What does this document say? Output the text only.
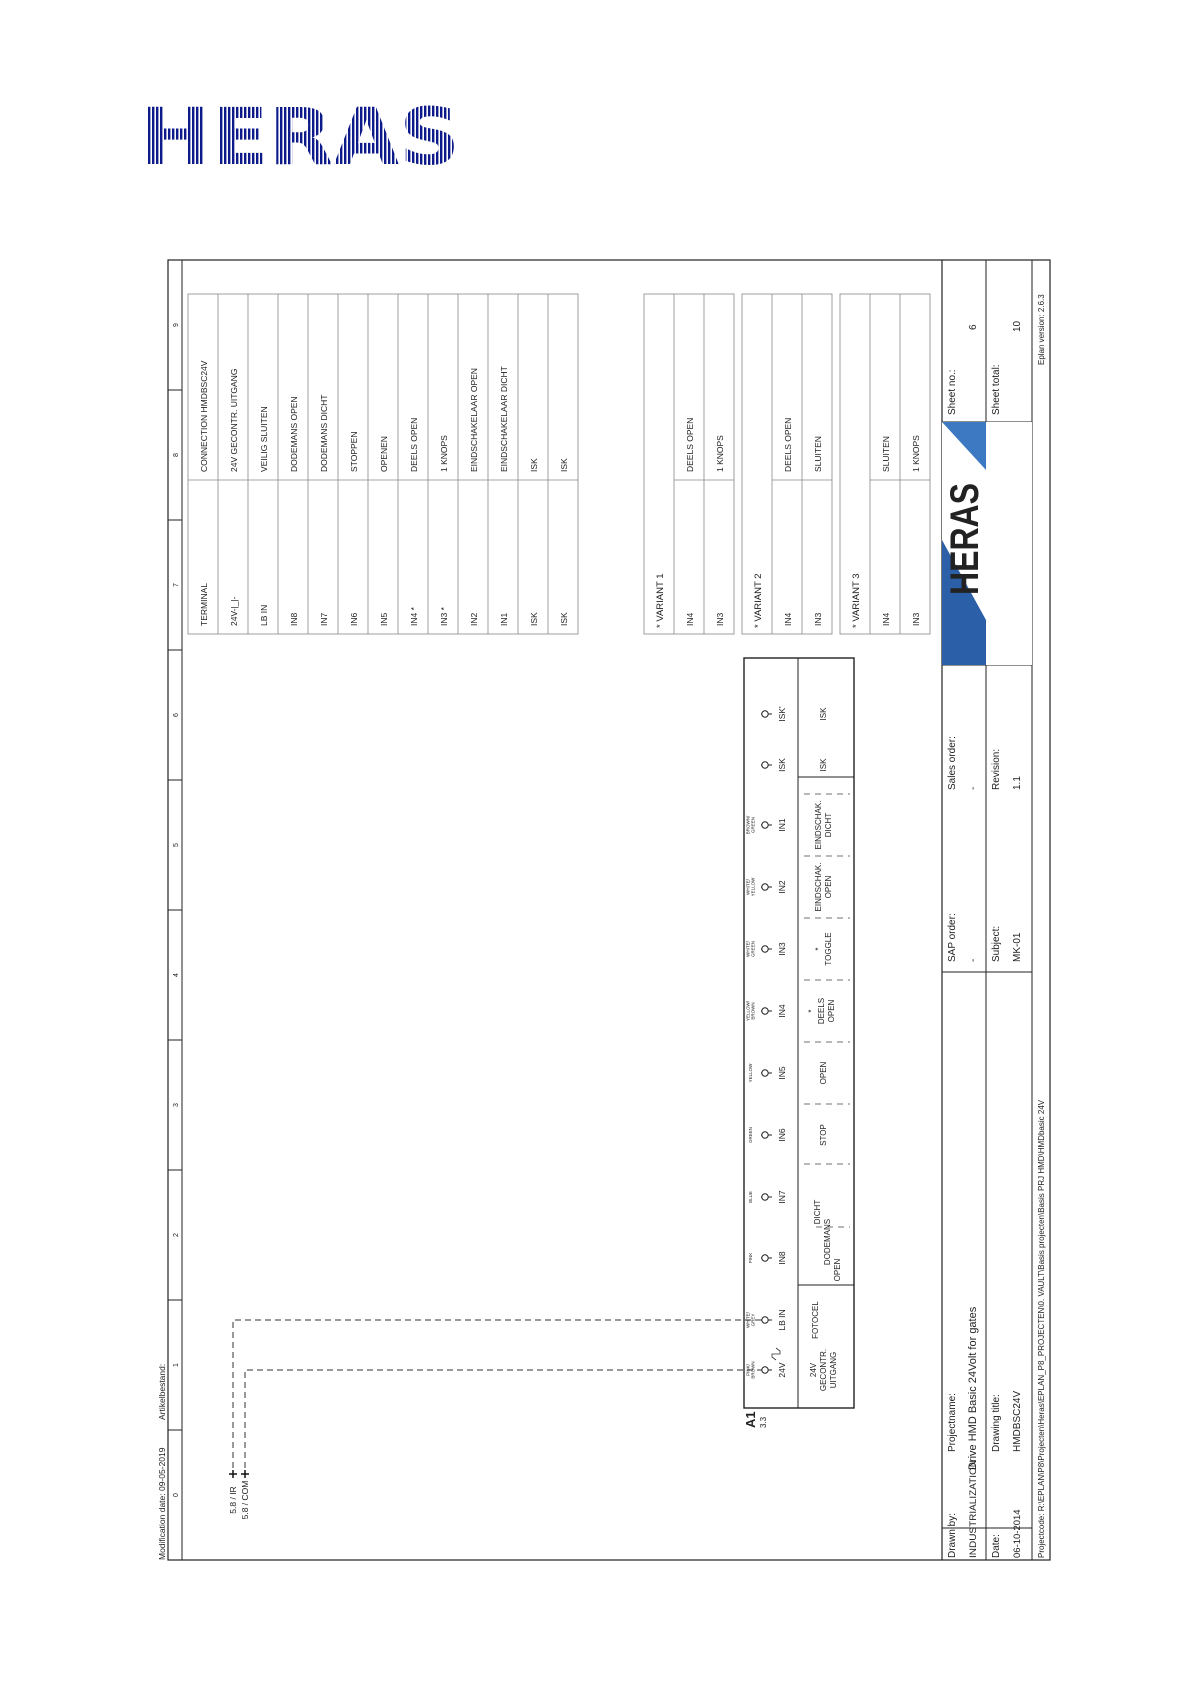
0
1
2
3
4
5
6
7
8
9
Modification date: 09-05-2019
Artikelbestand:
5.8 / IR 5.8 / COM
A1 3.3
PINK/BROWN
WHITE/GREY
PINK
BLUE
GREEN
YELLOW
YELLOW/BROWN
WHITE/GREEN
WHITE/YELLOW
BROWN/GREEN
24V
LB IN
IN8
IN7
IN6
IN5
IN4
IN3
IN2
IN1
ISK
ISK'
24VGECONTR.UITGANG
FOTOCEL
OPEN
DICHT
DODEMANS
STOP
OPEN
*DEELSOPEN
*TOGGLE
EINDSCHAK.OPEN
EINDSCHAK.DICHT
ISK
ISK
TERMINAL
CONNECTION HMDBSC24V
24V-|_|-
24V GECONTR. UITGANG
LB IN
VEILIG SLUITEN
IN8
DODEMANS OPEN
IN7
DODEMANS DICHT
IN6
STOPPEN
IN5
OPENEN
IN4 *
DEELS OPEN
IN3 *
1 KNOPS
IN2
EINDSCHAKELAAR OPEN
IN1
EINDSCHAKELAAR DICHT
ISK
ISK
ISK
ISK
* VARIANT 1 IN4
DEELS OPEN
IN3
1 KNOPS
* VARIANT 2 IN4
DEELS OPEN
IN3
SLUITEN
* VARIANT 3 IN4
SLUITEN
IN3
1 KNOPS
Drawn by: INDUSTRIALIZATION Date: 06-10-2014
Projectname: Drive HMD Basic 24Volt for gates Drawing title: HMDBSC24V
SAP order: - Subject: MK-01
Sales order: - Revision: 1.1
HERAS
Sheet no.:
6
Sheet total:
10
Projectcode: R:\EPLAN\P8\Projecten\Heras\EPLAN_P8_PROJECTEN\0. VAULT\Basis projecten\Basis PRJ HMD\HMDbasic 24V
Eplan version: 2.6.3
